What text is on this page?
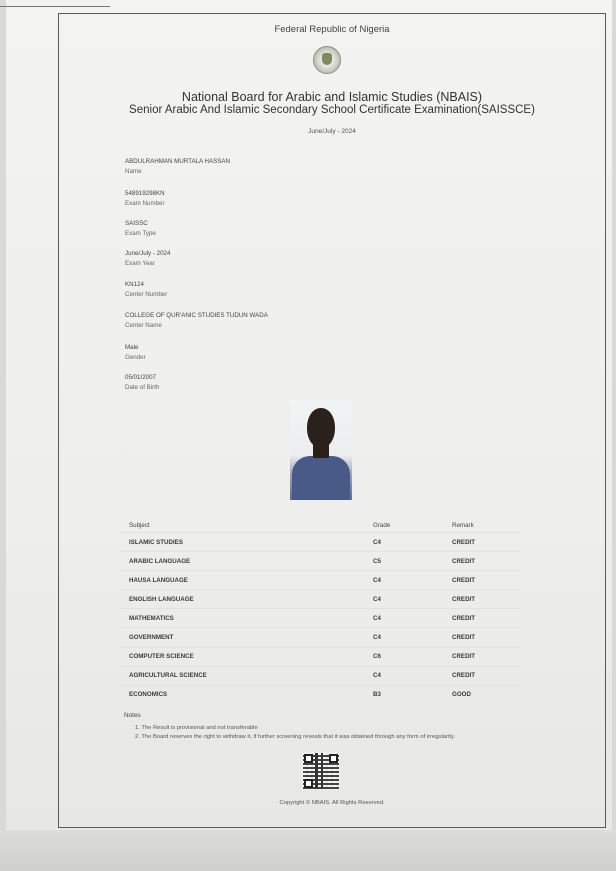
Federal Republic of Nigeria
National Board for Arabic and Islamic Studies (NBAIS)
Senior Arabic And Islamic Secondary School Certificate Examination(SAISSCE)
June/July - 2024
ABDULRAHMAN MURTALA HASSAN
Name
548919298KN
Exam Number
SAISSC
Exam Type
June/July - 2024
Exam Year
KN124
Center Number
COLLEGE OF QUR'ANIC STUDIES TUDUN WADA
Center Name
Male
Gender
05/01/2007
Date of Birth
Subject	Grade	Remark
ISLAMIC STUDIES	C4	CREDIT
ARABIC LANGUAGE	C5	CREDIT
HAUSA LANGUAGE	C4	CREDIT
ENGLISH LANGUAGE	C4	CREDIT
MATHEMATICS	C4	CREDIT
GOVERNMENT	C4	CREDIT
COMPUTER SCIENCE	C6	CREDIT
AGRICULTURAL SCIENCE	C4	CREDIT
ECONOMICS	B3	GOOD
Notes
1. The Result is provisional and not transferable
2. The Board reserves the right to withdraw it, if further screening reveals that it was obtained through any form of irregularity.
Copyright © NBAIS. All Rights Reserved.
